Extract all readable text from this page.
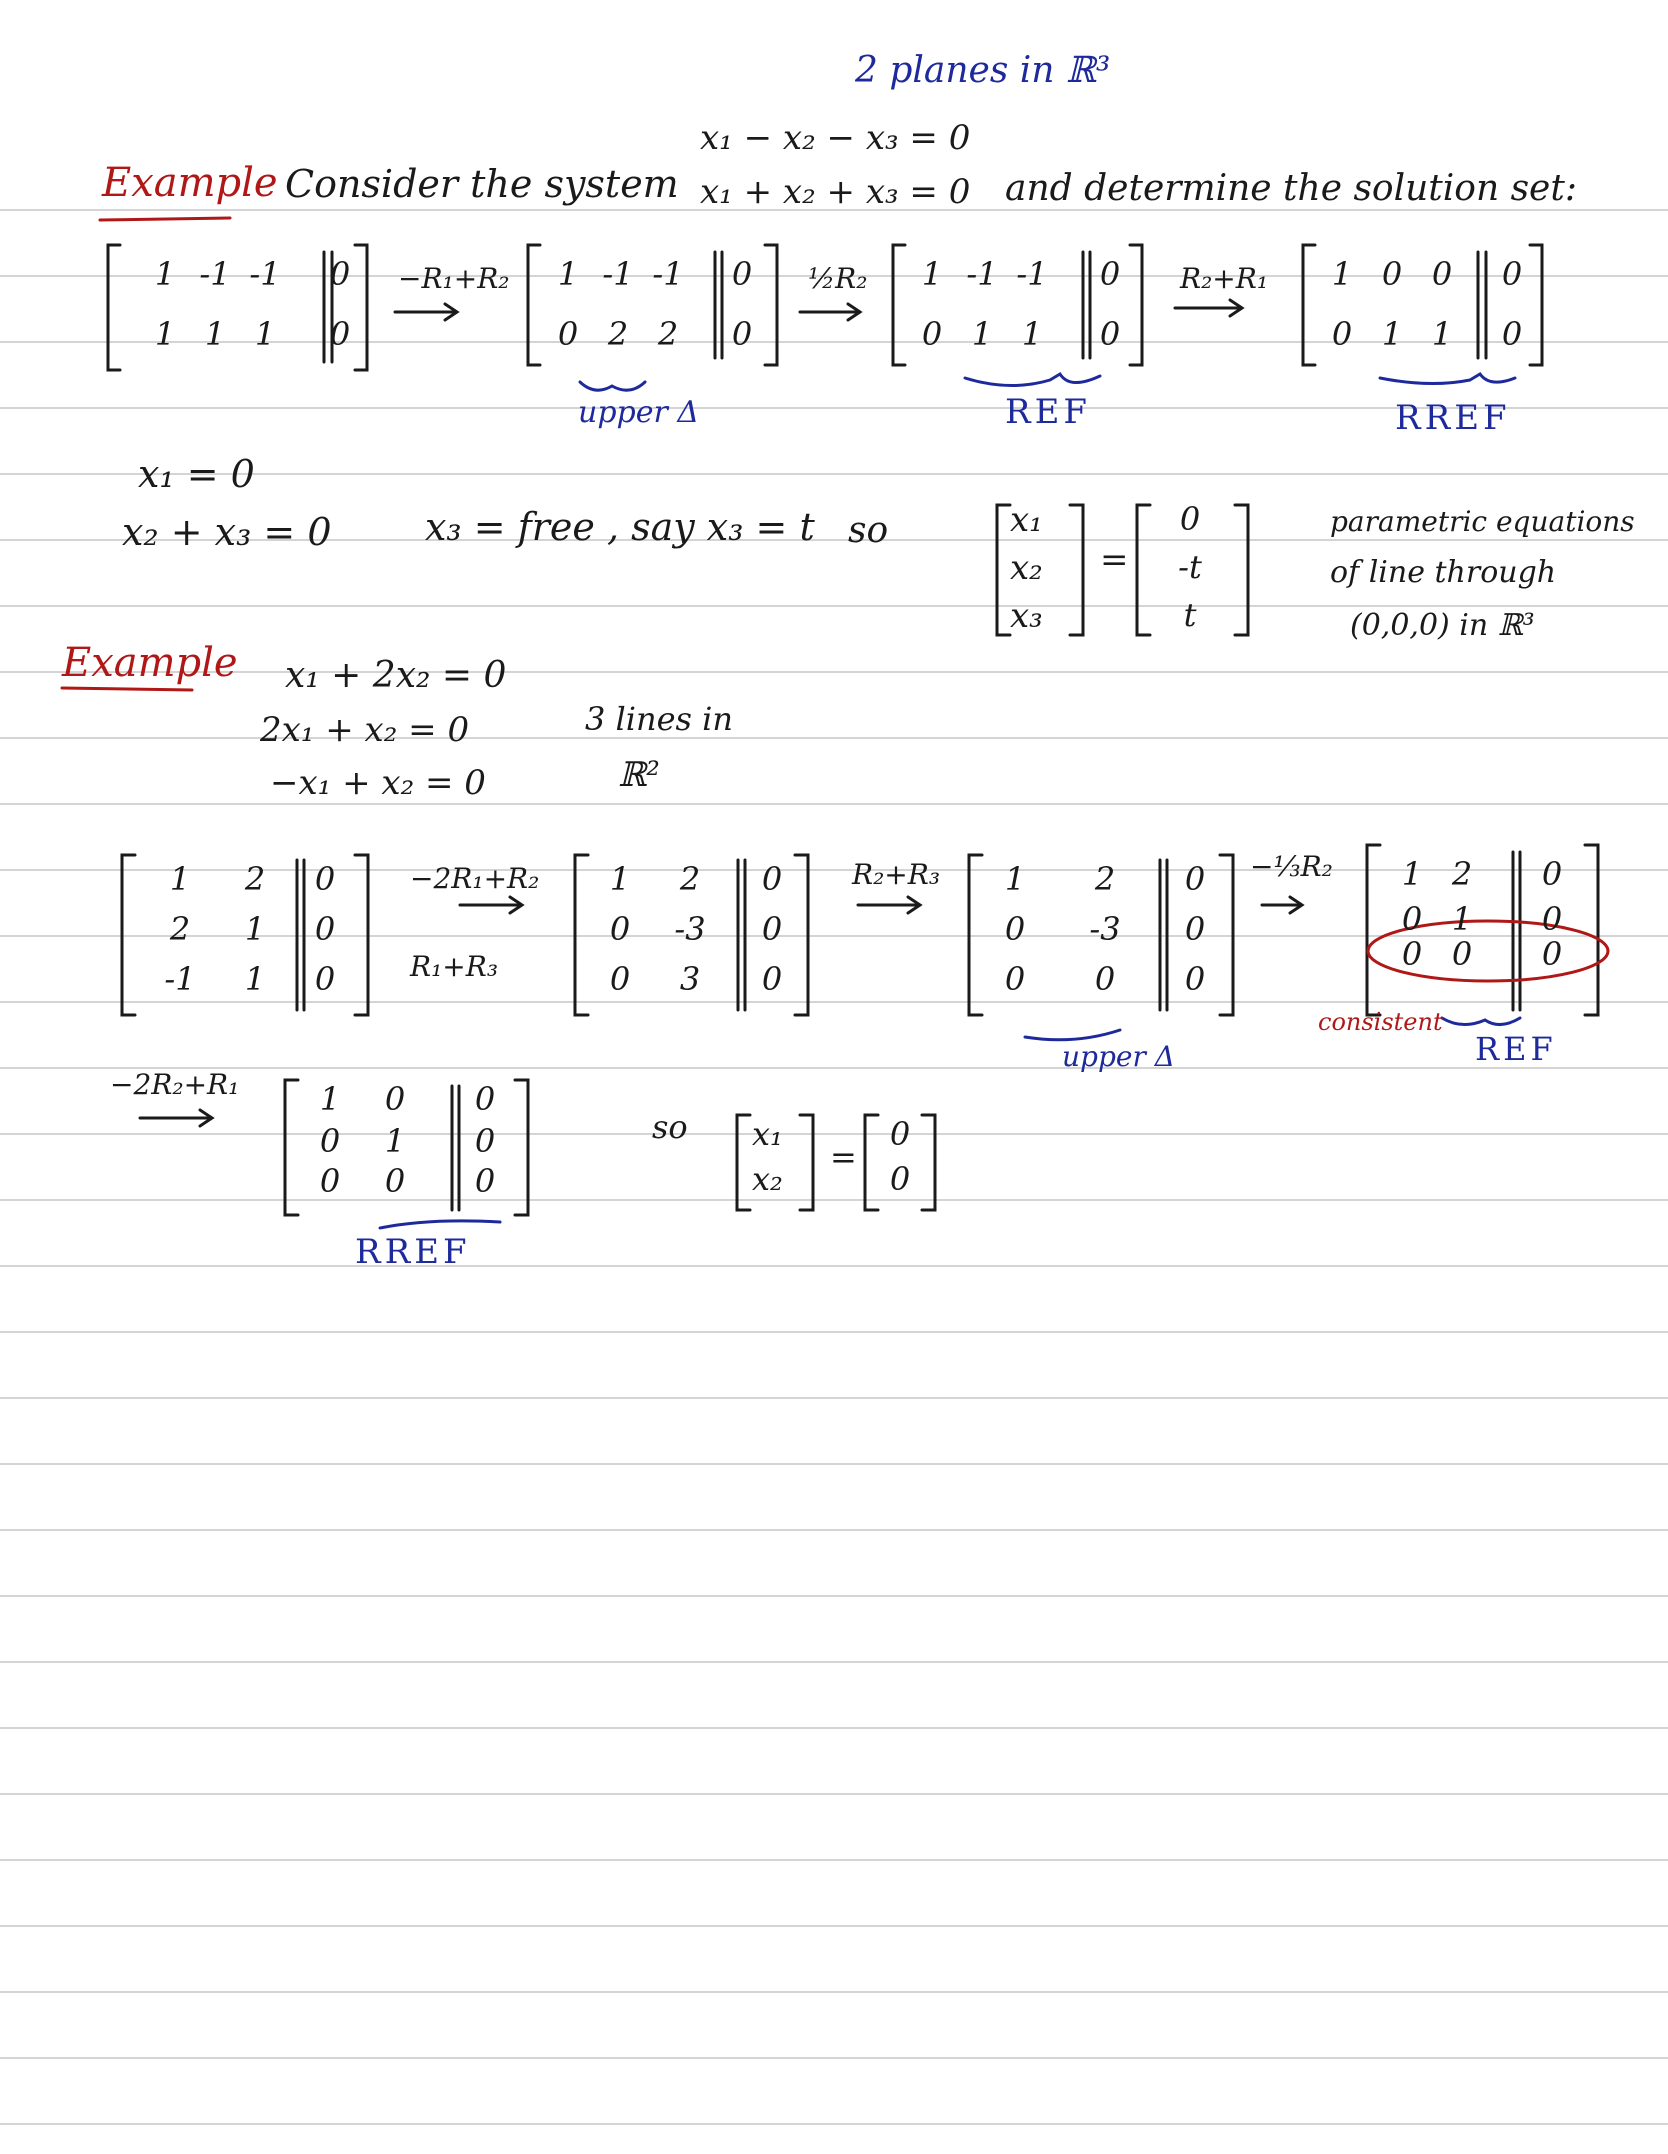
2 planes in ℝ³
x₁ − x₂ − x₃ = 0
Example Consider the system x₁ + x₂ + x₃ = 0 and determine the solution set:
1 -1 -1	0
1 1 1	0
−R₁+R₂	1 -1 -1	0
0 2 2	0
½R₂
upper Δ
1 -1 -1	0
0 1 1	0
R₂+R₁
REF
1 0 0	0
0 1 1	0
RREF
x₁ = 0
x₂ + x₃ = 0 x₃ = free , say x₃ = t so	x₁
x₂
x₃
=
0
-t
t
parametric equations
of line through
(0,0,0) in ℝ³
Example x₁ + 2x₂ = 0
2x₁ + x₂ = 0
−x₁ + x₂ = 0
3 lines in
ℝ²
1	2	0
2	1	0
-1	1	0
−2R₁+R₂
R₁+R₃
1	2	0
0	-3	0
0	3	0
R₂+R₃	1	2	0
0	-3	0
0	0	0
−⅓R₂
upper Δ
1 2	0
0 1	0
0 0	0
consistent
REF
−2R₂+R₁	1	0	0
0	1	0
0	0	0
RREF
so x₁
x₂
=
0
0
